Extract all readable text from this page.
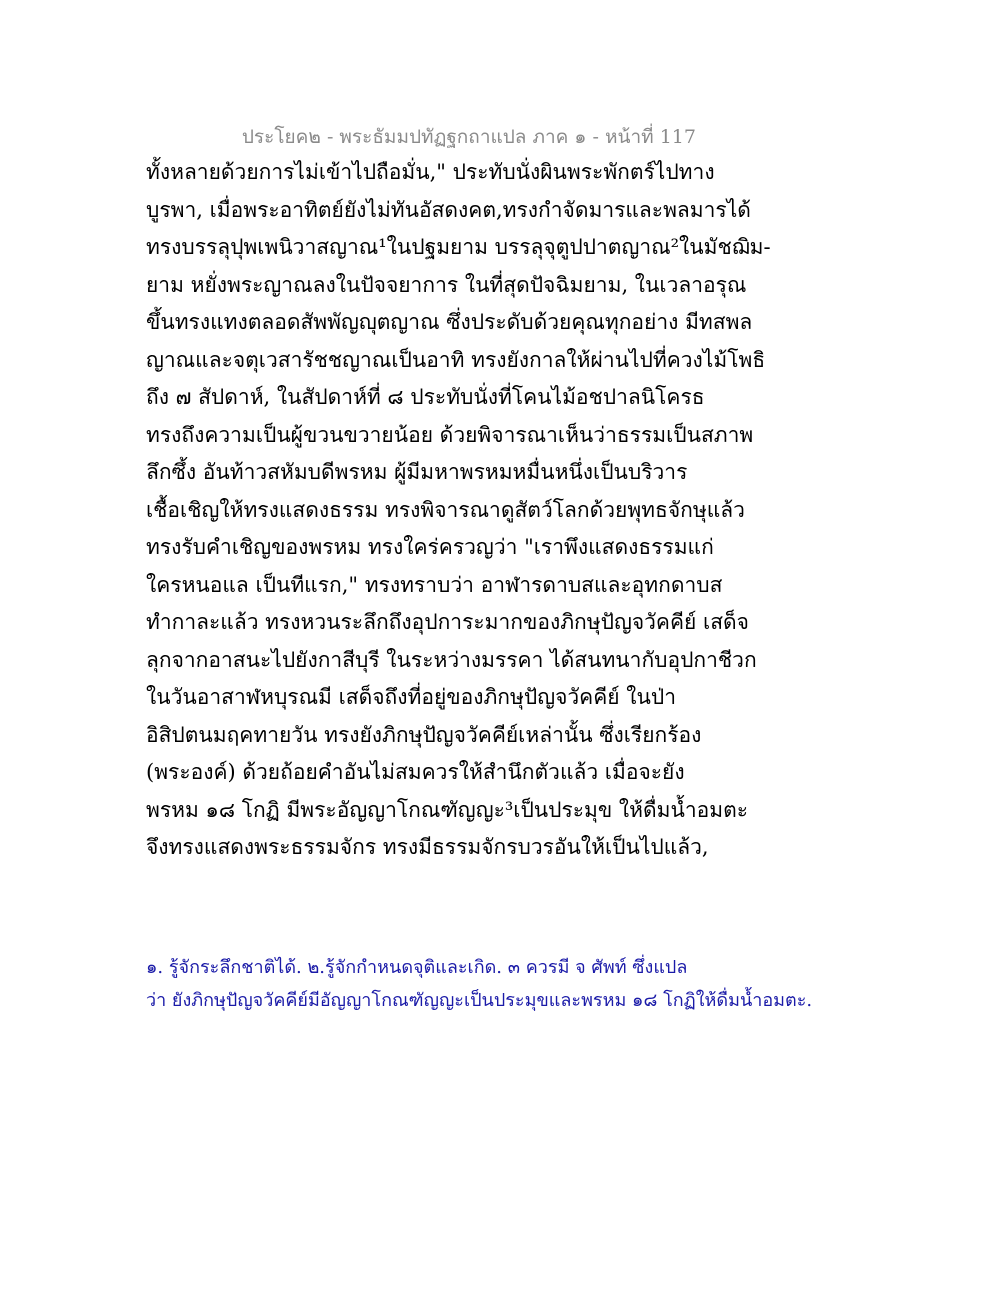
ประโยค๒ - พระธัมมปทัฏฐกถาแปล ภาค ๑ - หน้าที่ 117
ทั้งหลายด้วยการไม่เข้าไปถือมั่น," ประทับนั่งผินพระพักตร์ไปทาง
บูรพา, เมื่อพระอาทิตย์ยังไม่ทันอัสดงคต,ทรงกำจัดมารและพลมารได้
ทรงบรรลุปุพเพนิวาสญาณ¹ในปฐมยาม บรรลุจุตูปปาตญาณ²ในมัชฌิม-
ยาม หยั่งพระญาณลงในปัจจยาการ ในที่สุดปัจฉิมยาม, ในเวลาอรุณ
ขึ้นทรงแทงตลอดสัพพัญญุตญาณ ซึ่งประดับด้วยคุณทุกอย่าง มีทสพล
ญาณและจตุเวสารัชชญาณเป็นอาทิ ทรงยังกาลให้ผ่านไปที่ควงไม้โพธิ
ถึง ๗ สัปดาห์, ในสัปดาห์ที่ ๘ ประทับนั่งที่โคนไม้อชปาลนิโครธ
ทรงถึงความเป็นผู้ขวนขวายน้อย ด้วยพิจารณาเห็นว่าธรรมเป็นสภาพ
ลึกซึ้ง อันท้าวสหัมบดีพรหม ผู้มีมหาพรหมหมื่นหนึ่งเป็นบริวาร
เชื้อเชิญให้ทรงแสดงธรรม ทรงพิจารณาดูสัตว์โลกด้วยพุทธจักษุแล้ว
ทรงรับคำเชิญของพรหม ทรงใคร่ครวญว่า "เราพึงแสดงธรรมแก่
ใครหนอแล เป็นทีแรก," ทรงทราบว่า อาฬารดาบสและอุทกดาบส
ทำกาละแล้ว ทรงหวนระลึกถึงอุปการะมากของภิกษุปัญจวัคคีย์ เสด็จ
ลุกจากอาสนะไปยังกาสีบุรี ในระหว่างมรรคา ได้สนทนากับอุปกาชีวก
ในวันอาสาฬหบุรณมี เสด็จถึงที่อยู่ของภิกษุปัญจวัคคีย์ ในป่า
อิสิปตนมฤคทายวัน ทรงยังภิกษุปัญจวัคคีย์เหล่านั้น ซึ่งเรียกร้อง
(พระองค์) ด้วยถ้อยคำอันไม่สมควรให้สำนึกตัวแล้ว เมื่อจะยัง
พรหม ๑๘ โกฏิ มีพระอัญญาโกณฑัญญะ³เป็นประมุข ให้ดื่มน้ำอมตะ
จึงทรงแสดงพระธรรมจักร ทรงมีธรรมจักรบวรอันให้เป็นไปแล้ว,
๑. รู้จักระลึกชาติได้. ๒.รู้จักกำหนดจุติและเกิด. ๓ ควรมี จ ศัพท์ ซึ่งแปล
ว่า ยังภิกษุปัญจวัคคีย์มีอัญญาโกณฑัญญะเป็นประมุขและพรหม ๑๘ โกฏิให้ดื่มน้ำอมตะ.
